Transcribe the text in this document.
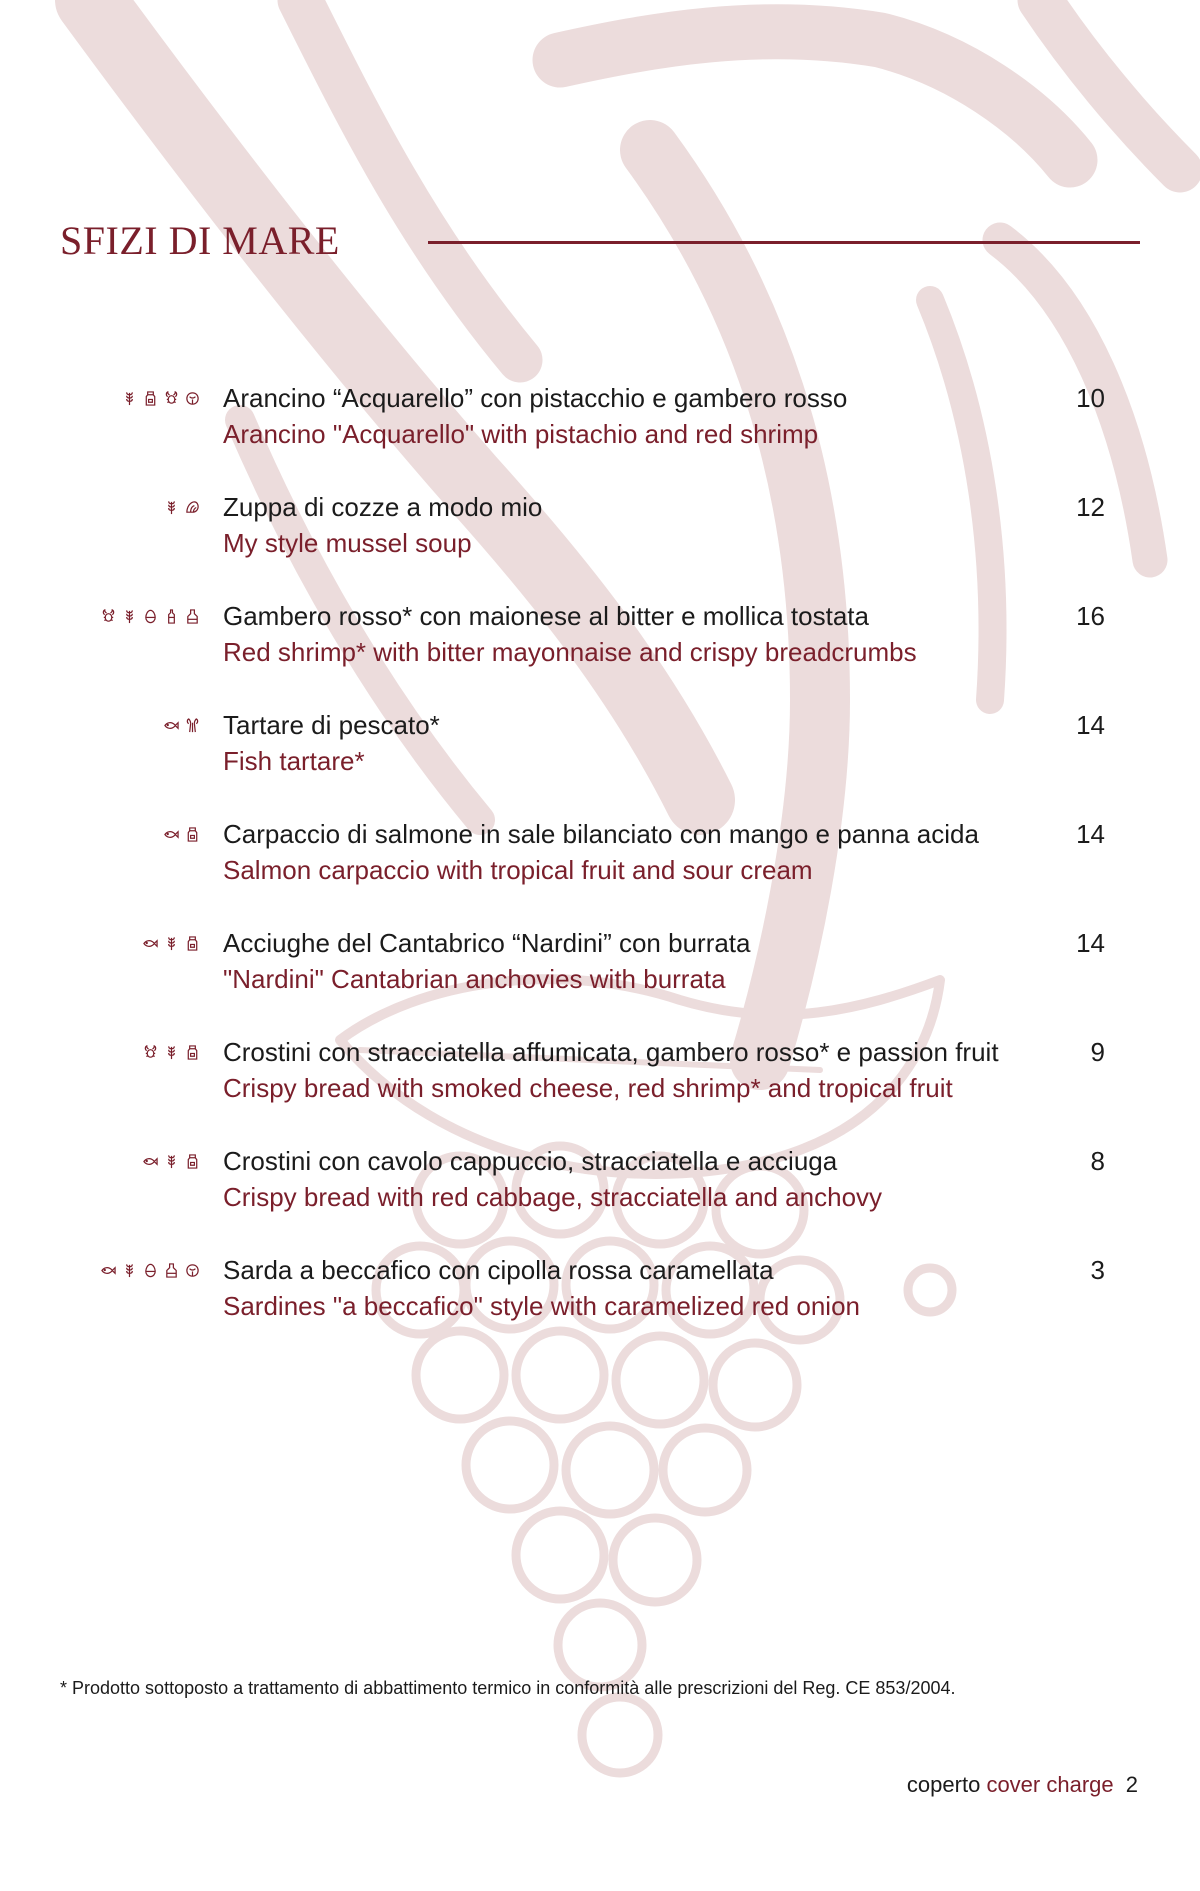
SFIZI DI MARE
Arancino “Acquarello” con pistacchio e gambero rosso
Arancino "Acquarello" with pistachio and red shrimp
10
Zuppa di cozze a modo mio
My style mussel soup
12
Gambero rosso* con maionese al bitter e mollica tostata
Red shrimp* with bitter mayonnaise and crispy breadcrumbs
16
Tartare di pescato*
Fish tartare*
14
Carpaccio di salmone in sale bilanciato con mango e panna acida
Salmon carpaccio with tropical fruit and sour cream
14
Acciughe del Cantabrico “Nardini” con burrata
"Nardini" Cantabrian anchovies with burrata
14
Crostini con stracciatella affumicata, gambero rosso* e passion fruit
Crispy bread with smoked cheese, red shrimp* and tropical fruit
9
Crostini con cavolo cappuccio, stracciatella e acciuga
Crispy bread with red cabbage, stracciatella and anchovy
8
Sarda a beccafico con cipolla rossa caramellata
Sardines "a beccafico" style with caramelized red onion
3
* Prodotto sottoposto a trattamento di abbattimento termico in conformità alle prescrizioni del Reg. CE 853/2004.
coperto cover charge 2
